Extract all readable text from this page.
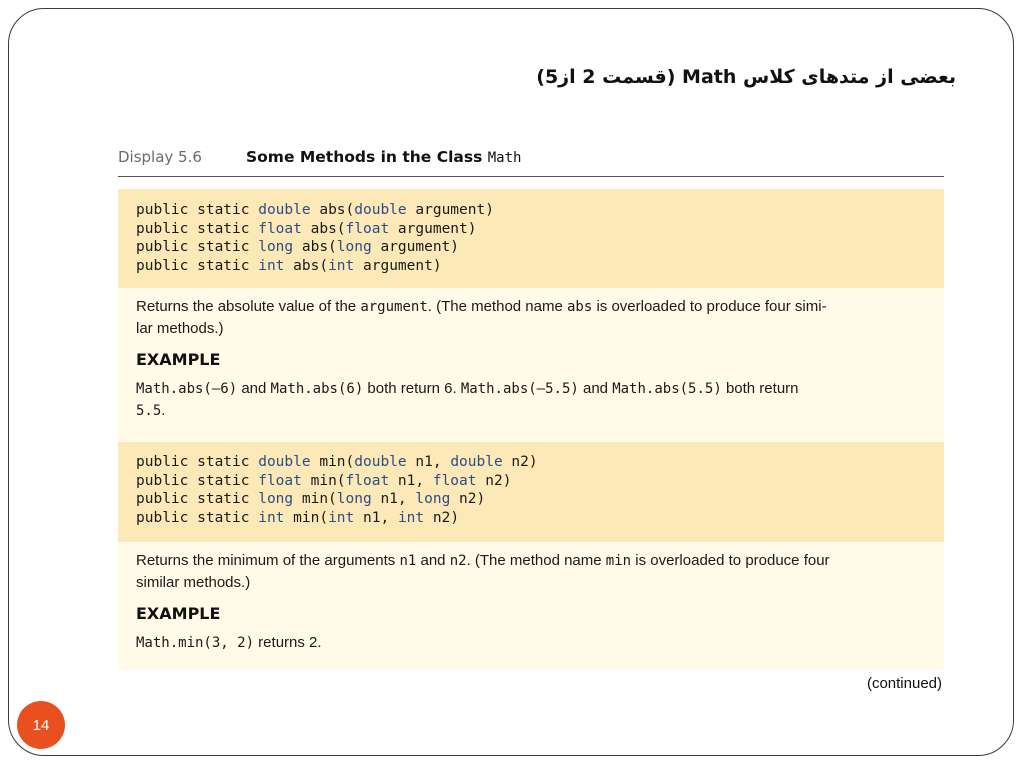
بعضی از متدهای کلاس Math (قسمت 2 از5)
Display 5.6	Some Methods in the Class Math
public static double abs(double argument)
public static float abs(float argument)
public static long abs(long argument)
public static int abs(int argument)

Returns the absolute value of the argument. (The method name abs is overloaded to produce four simi-
lar methods.)

EXAMPLE

Math.abs(–6) and Math.abs(6) both return 6. Math.abs(–5.5) and Math.abs(5.5) both return
5.5.

public static double min(double n1, double n2)
public static float min(float n1, float n2)
public static long min(long n1, long n2)
public static int min(int n1, int n2)

Returns the minimum of the arguments n1 and n2. (The method name min is overloaded to produce four
similar methods.)

EXAMPLE

Math.min(3, 2) returns 2.

(continued)
14
